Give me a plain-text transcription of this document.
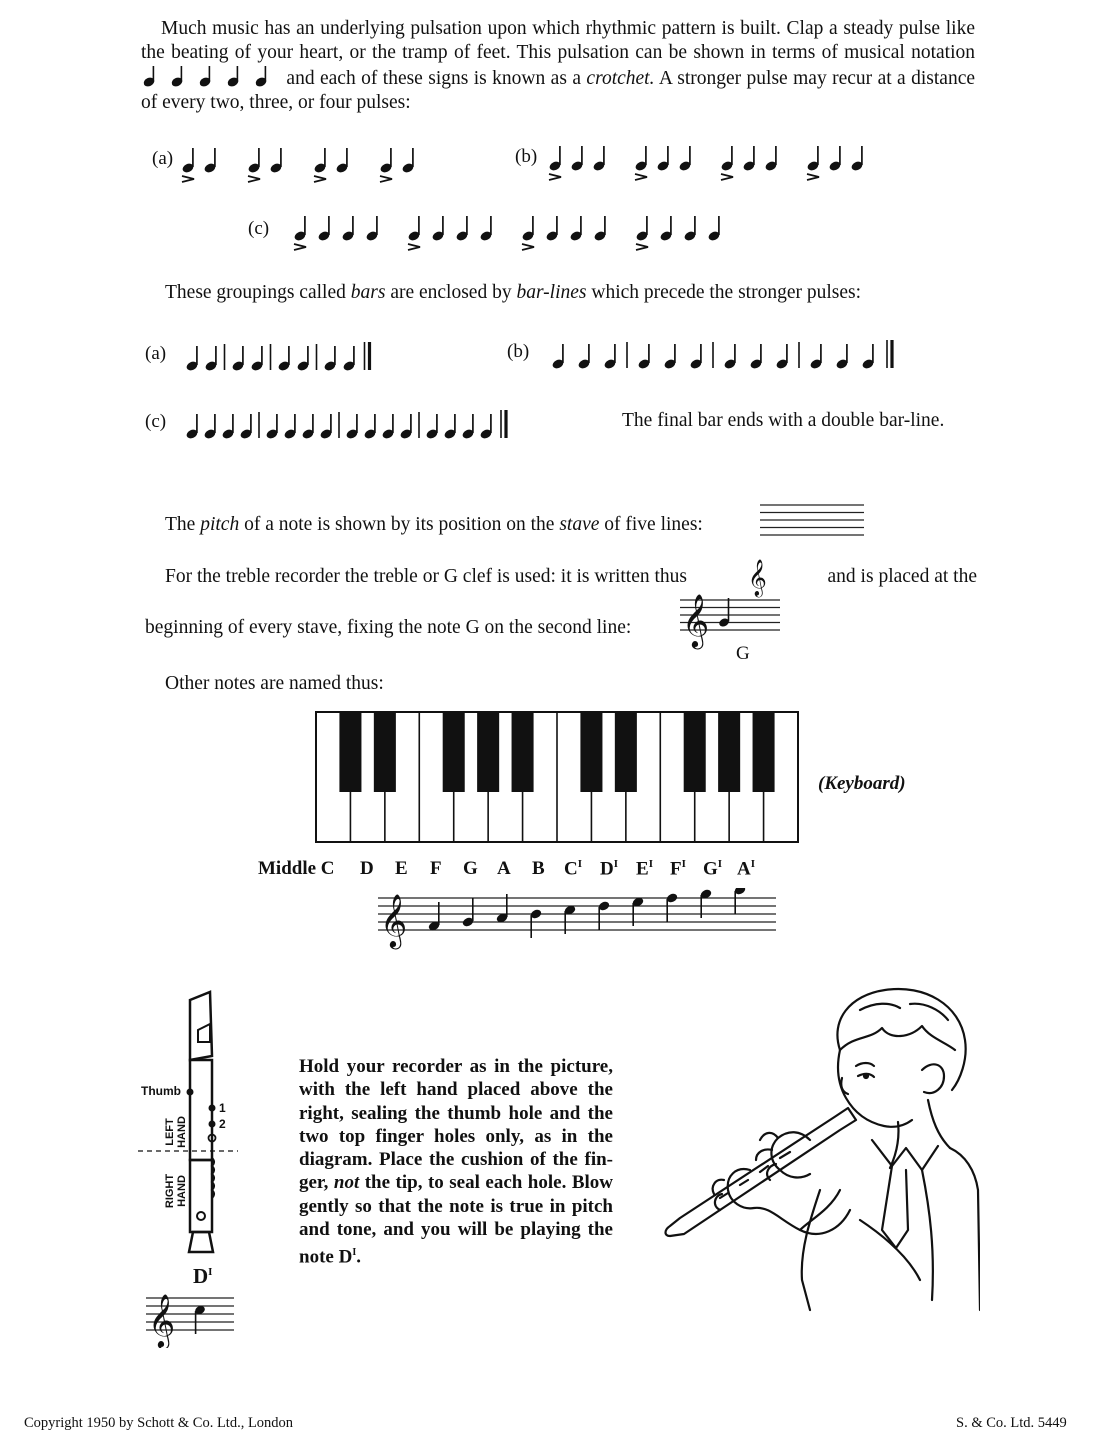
Much music has an underlying pulsation upon which rhythmic pattern is built. Clap a steady pulse like the beating of your heart, or the tramp of feet. This pulsation can be shown in terms of musical notation  and each of these signs is known as a crotchet. A stronger pulse may recur at a distance of every two, three, or four pulses:
(a)	(b)
(c)
These groupings called bars are enclosed by bar-lines which precede the stronger pulses:
(a)	(b)
(c)	The final bar ends with a double bar-line.
The pitch of a note is shown by its position on the stave of five lines:
For the treble recorder the treble or G clef is used: it is written thus 𝄞	and is placed at the
beginning of every stave, fixing the note G on the second line: 𝄞
G
Other notes are named thus:
(Keyboard)
Middle C D E F G A B $C^I$ $D^I$ $E^I$ $F^I$ $G^I$ $A^I$
𝄞
Thumb
LEFT HAND
RIGHT HAND
1
2
$D^I$
𝄞
Hold your recorder as in the picture, with the left hand placed above the right, sealing the thumb hole and the two top finger holes only, as in the diagram. Place the cushion of the fin-ger, not the tip, to seal each hole. Blow gently so that the note is true in pitch and tone, and you will be playing the note $D^I$.
Copyright 1950 by Schott & Co. Ltd., London	S. & Co. Ltd. 5449
